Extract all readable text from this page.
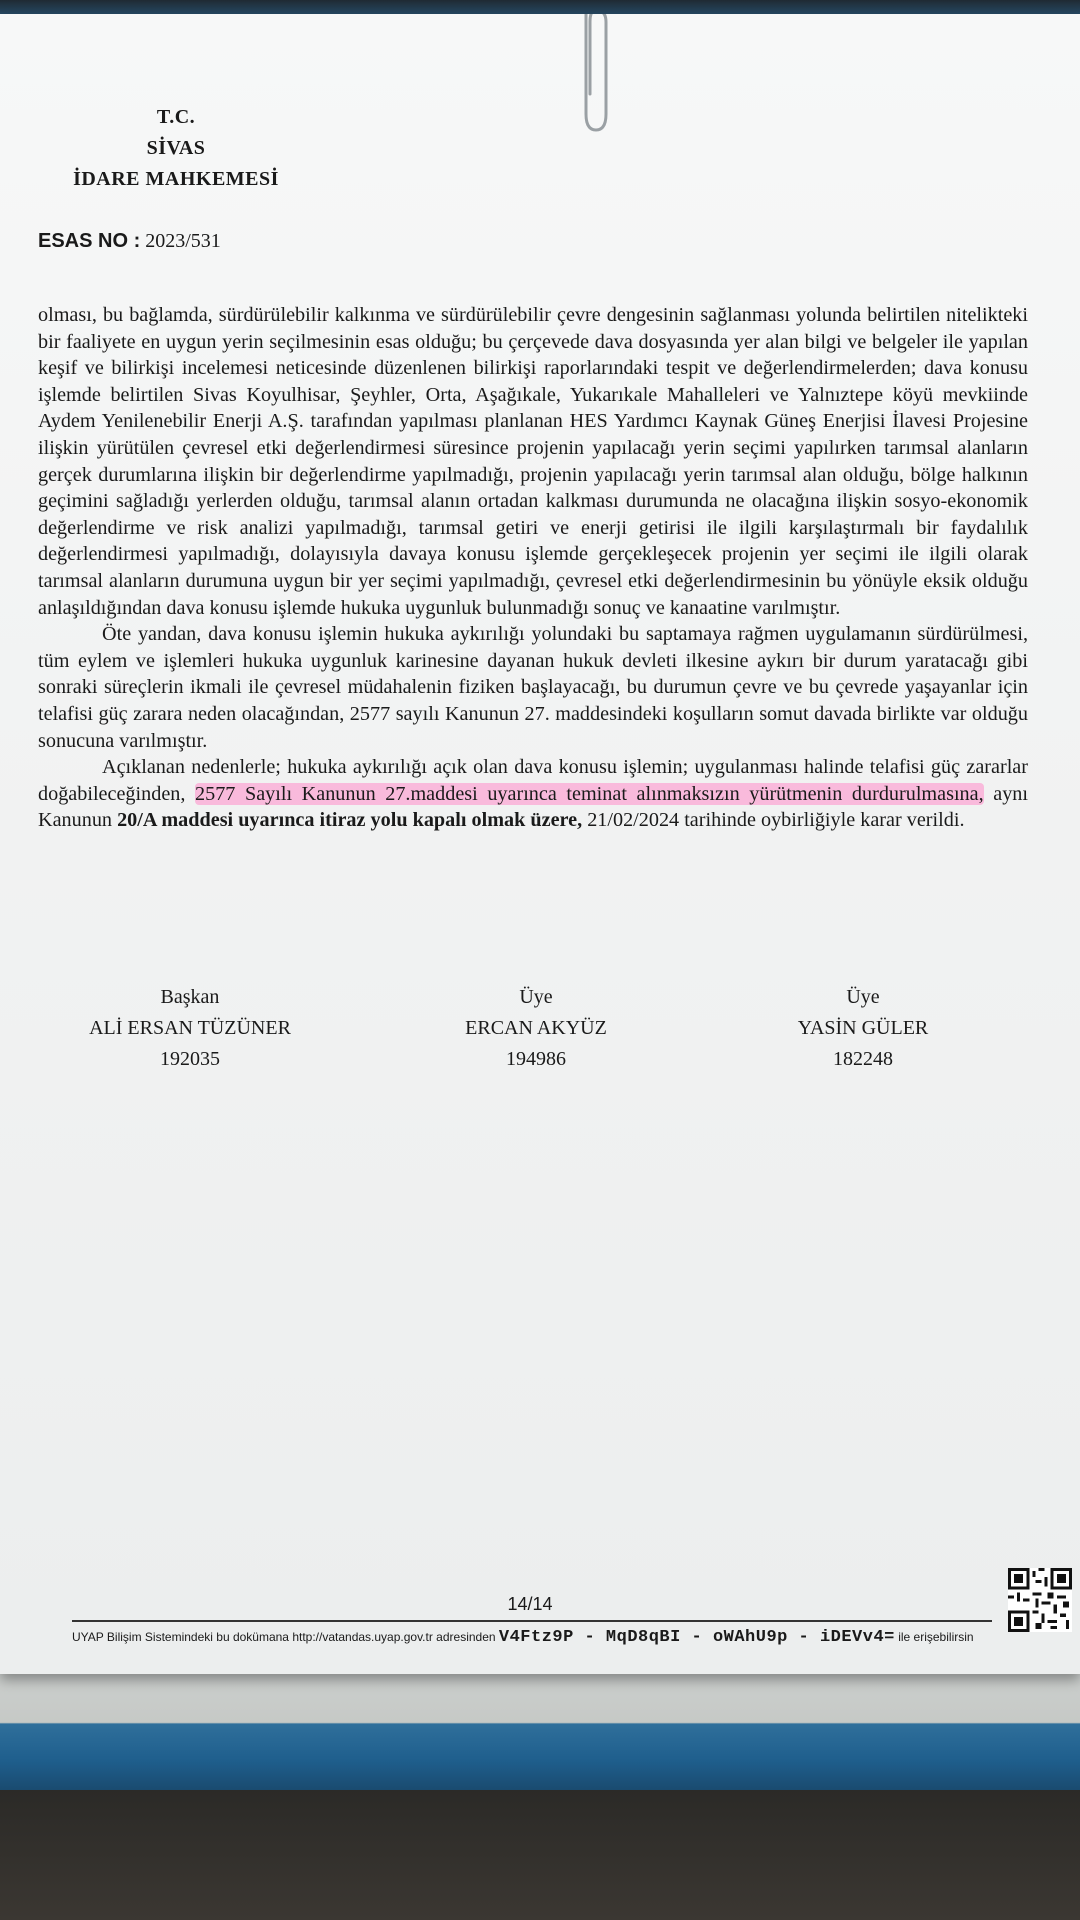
T.C.
SİVAS
İDARE MAHKEMESİ
ESAS NO : 2023/531

olması, bu bağlamda, sürdürülebilir kalkınma ve sürdürülebilir çevre dengesinin sağlanması yolunda belirtilen nitelikteki bir faaliyete en uygun yerin seçilmesinin esas olduğu; bu çerçevede dava dosyasında yer alan bilgi ve belgeler ile yapılan keşif ve bilirkişi incelemesi neticesinde düzenlenen bilirkişi raporlarındaki tespit ve değerlendirmelerden; dava konusu işlemde belirtilen Sivas Koyulhisar, Şeyhler, Orta, Aşağıkale, Yukarıkale Mahalleleri ve Yalnıztepe köyü mevkiinde Aydem Yenilenebilir Enerji A.Ş. tarafından yapılması planlanan HES Yardımcı Kaynak Güneş Enerjisi İlavesi Projesine ilişkin yürütülen çevresel etki değerlendirmesi süresince projenin yapılacağı yerin seçimi yapılırken tarımsal alanların gerçek durumlarına ilişkin bir değerlendirme yapılmadığı, projenin yapılacağı yerin tarımsal alan olduğu, bölge halkının geçimini sağladığı yerlerden olduğu, tarımsal alanın ortadan kalkması durumunda ne olacağına ilişkin sosyo-ekonomik değerlendirme ve risk analizi yapılmadığı, tarımsal getiri ve enerji getirisi ile ilgili karşılaştırmalı bir faydalılık değerlendirmesi yapılmadığı, dolayısıyla davaya konusu işlemde gerçekleşecek projenin yer seçimi ile ilgili olarak tarımsal alanların durumuna uygun bir yer seçimi yapılmadığı, çevresel etki değerlendirmesinin bu yönüyle eksik olduğu anlaşıldığından dava konusu işlemde hukuka uygunluk bulunmadığı sonuç ve kanaatine varılmıştır.

Öte yandan, dava konusu işlemin hukuka aykırılığı yolundaki bu saptamaya rağmen uygulamanın sürdürülmesi, tüm eylem ve işlemleri hukuka uygunluk karinesine dayanan hukuk devleti ilkesine aykırı bir durum yaratacağı gibi sonraki süreçlerin ikmali ile çevresel müdahalenin fiziken başlayacağı, bu durumun çevre ve bu çevrede yaşayanlar için telafisi güç zarara neden olacağından, 2577 sayılı Kanunun 27. maddesindeki koşulların somut davada birlikte var olduğu sonucuna varılmıştır.

Açıklanan nedenlerle; hukuka aykırılığı açık olan dava konusu işlemin; uygulanması halinde telafisi güç zararlar doğabileceğinden, 2577 Sayılı Kanunun 27.maddesi uyarınca teminat alınmaksızın yürütmenin durdurulmasına, aynı Kanunun 20/A maddesi uyarınca itiraz yolu kapalı olmak üzere, 21/02/2024 tarihinde oybirliğiyle karar verildi.

Başkan
ALİ ERSAN TÜZÜNER
192035
Üye
ERCAN AKYÜZ
194986
Üye
YASİN GÜLER
182248
14/14
UYAP Bilişim Sistemindeki bu dokümana http://vatandas.uyap.gov.tr adresinden V4Ftz9P - MqD8qBI - oWAhU9p - iDEVv4= ile erişebilirsin
